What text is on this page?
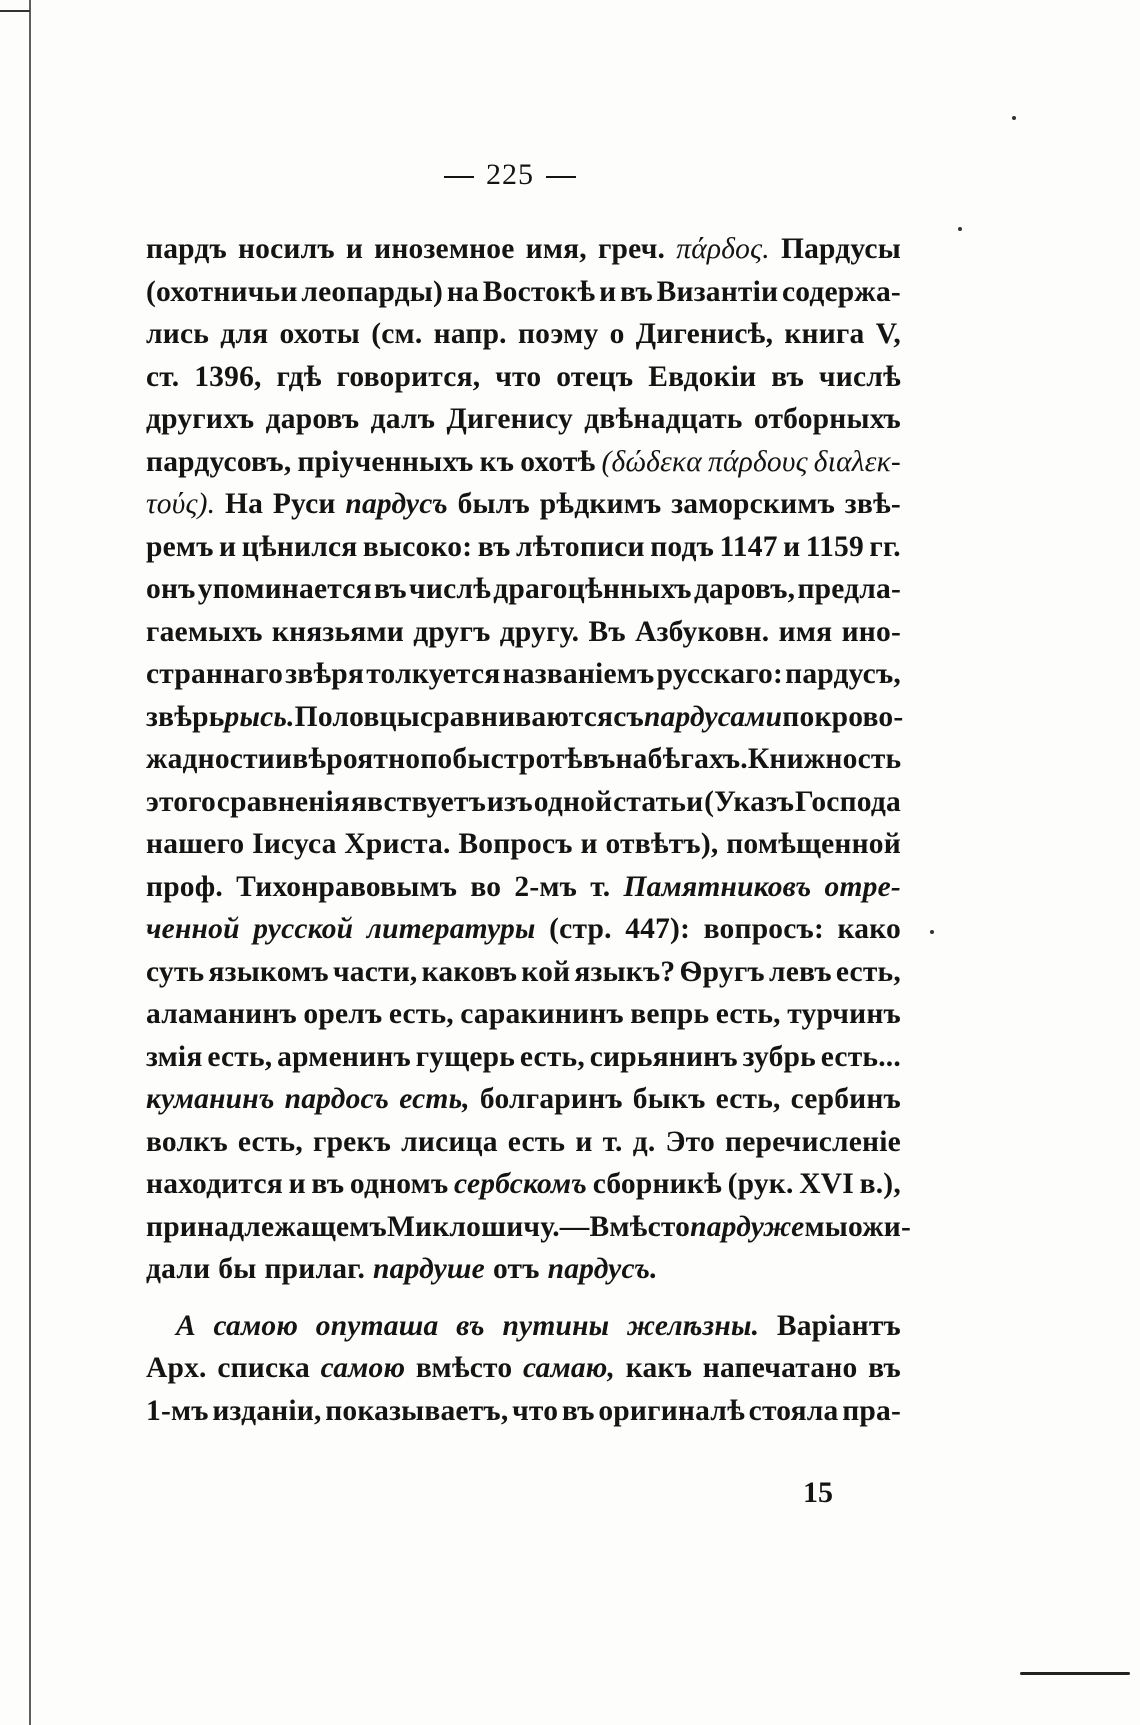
225
пардъ носилъ и иноземное имя, греч. πάρδος. Пардусы
(охотничьи леопарды) на Востокѣ и въ Византіи содержа-
лись для охоты (см. напр. поэму о Дигенисѣ, книга V,
ст. 1396, гдѣ говорится, что отецъ Евдокіи въ числѣ
другихъ даровъ далъ Дигенису двѣнадцать отборныхъ
пардусовъ, пріученныхъ къ охотѣ (δώδεκα πάρδους διαλεκ-
τούς). На Руси пардусъ былъ рѣдкимъ заморскимъ звѣ-
ремъ и цѣнился высоко: въ лѣтописи подъ 1147 и 1159 гг.
онъ упоминается въ числѣ драгоцѣнныхъ даровъ, предла-
гаемыхъ князьями другъ другу. Въ Азбуковн. имя ино-
страннаго звѣря толкуется названіемъ русскаго: пардусъ,
звѣрь рысь. Половцы сравниваются съ пардусами по крово-
жадности и вѣроятно по быстротѣ въ набѣгахъ. Книжность
этого сравненія явствуетъ изъ одной статьи (Указъ Господа
нашего Іисуса Христа. Вопросъ и отвѣтъ), помѣщенной
проф. Тихонравовымъ во 2-мъ т. Памятниковъ отре-
ченной русской литературы (стр. 447): вопросъ: како
суть языкомъ части, каковъ кой языкъ? Ѳругъ левъ есть,
аламанинъ орелъ есть, саракининъ вепрь есть, турчинъ
змія есть, арменинъ гущерь есть, сирьянинъ зубрь есть...
куманинъ пардосъ есть, болгаринъ быкъ есть, сербинъ
волкъ есть, грекъ лисица есть и т. д. Это перечисленіе
находится и въ одномъ сербскомъ сборникѣ (рук. XVI в.),
принадлежащемъ Миклошичу.—Вмѣсто пардуже мы ожи-
дали бы прилаг. пардуше отъ пардусъ.
А самою опуташа въ путины желѣзны. Варіантъ
Арх. списка самою вмѣсто самаю, какъ напечатано въ
1-мъ изданіи, показываетъ, что въ оригиналѣ стояла пра-
15
